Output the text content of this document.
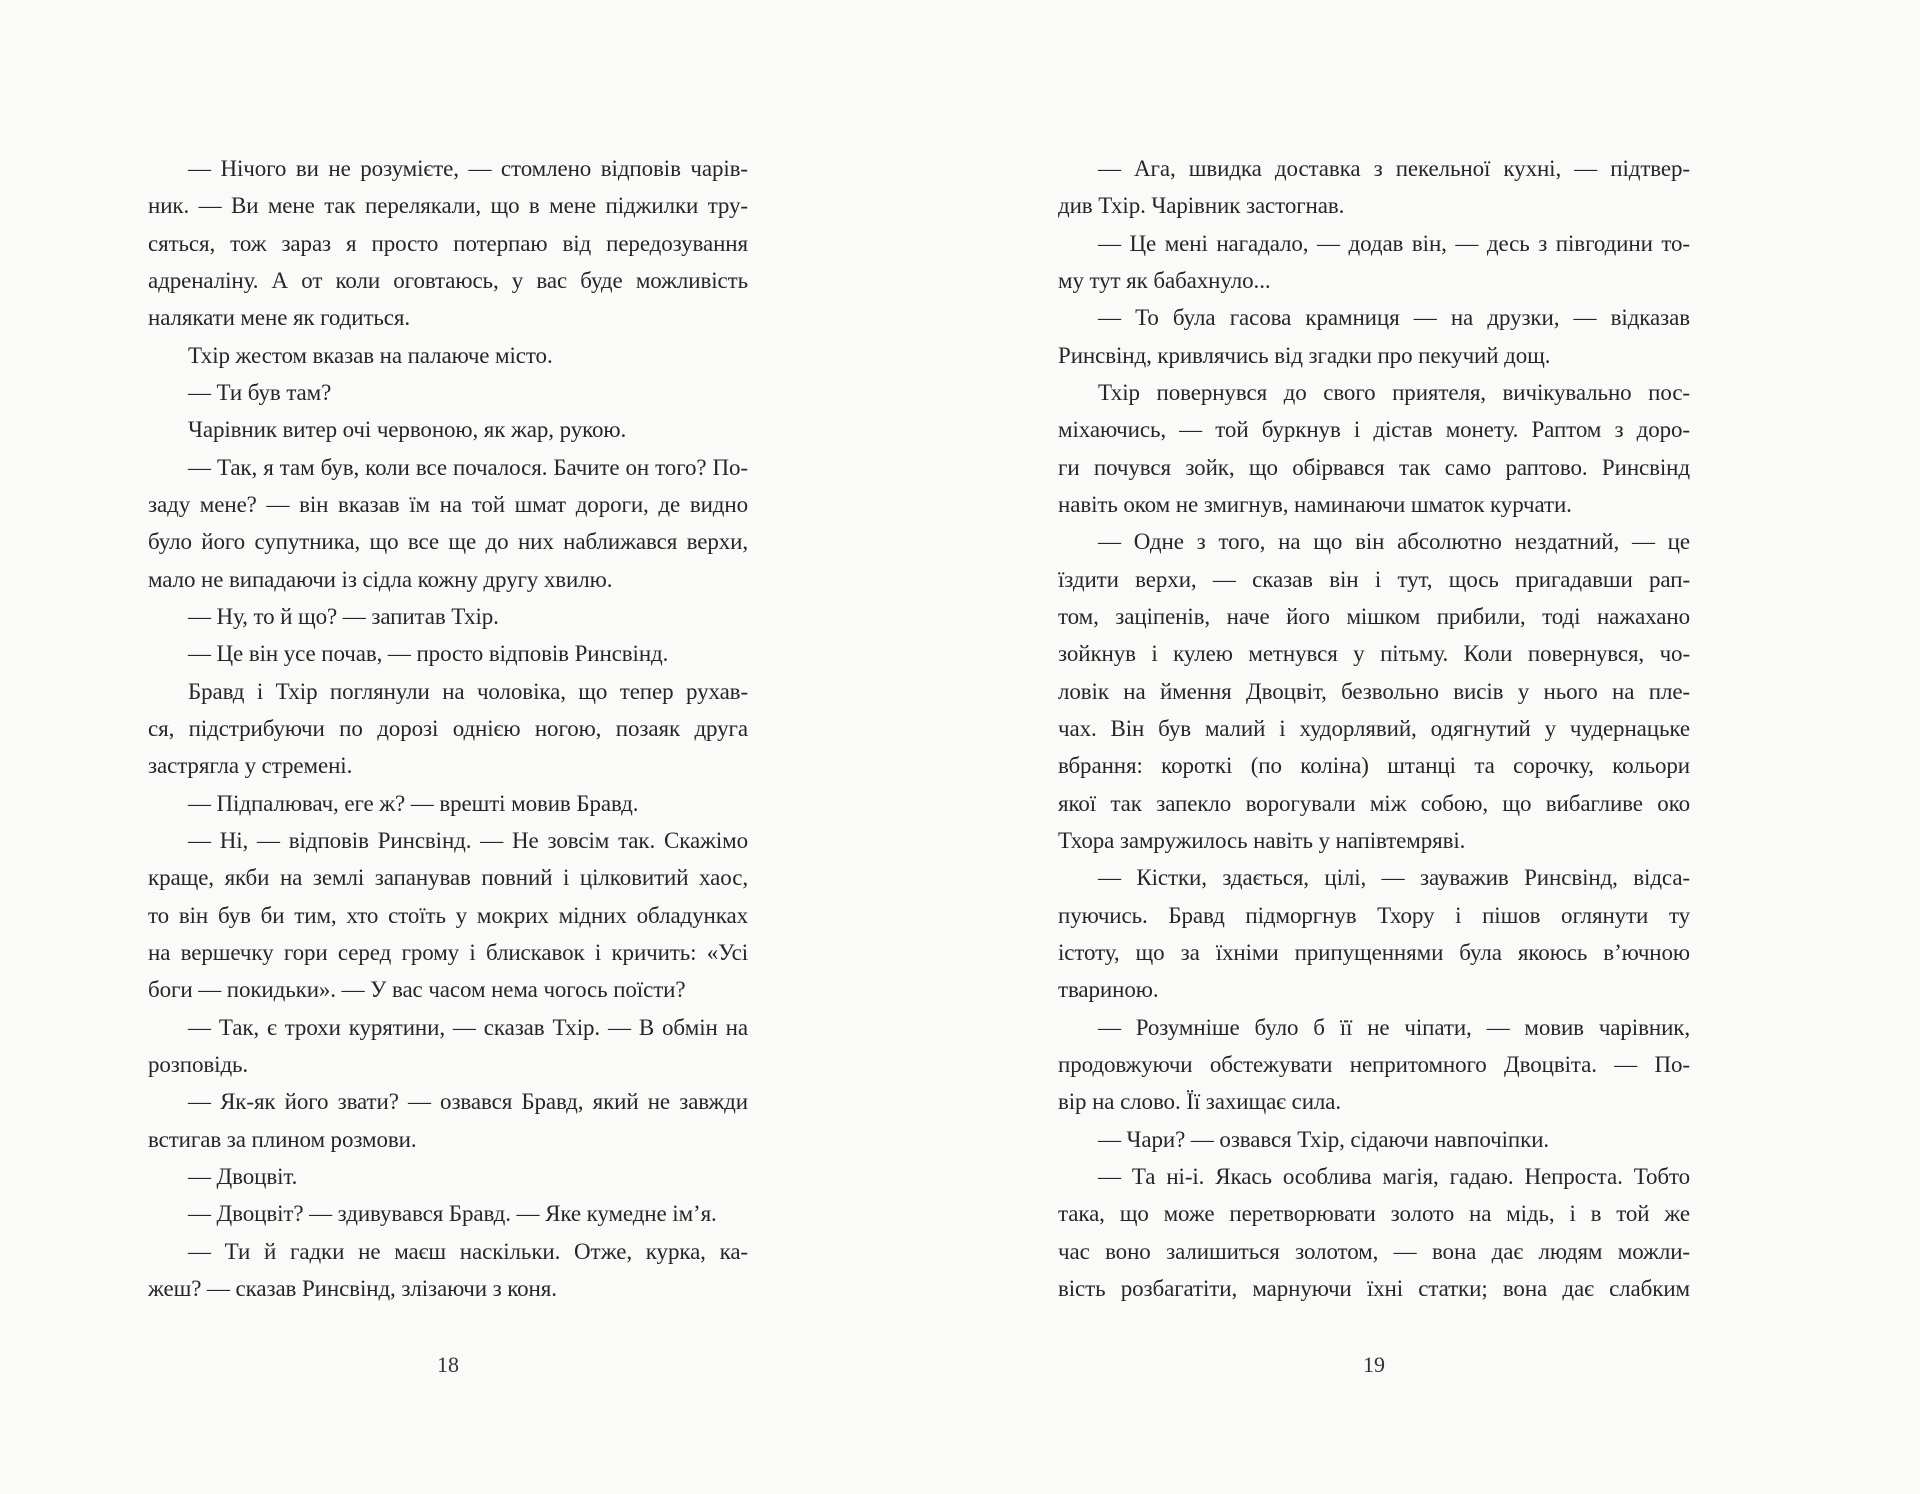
— Нічого ви не розумієте, — стомлено відповів чарів-
ник. — Ви мене так перелякали, що в мене піджилки тру-
сяться, тож зараз я просто потерпаю від передозування
адреналіну. А от коли оговтаюсь, у вас буде можливість
налякати мене як годиться.
Тхір жестом вказав на палаюче місто.
— Ти був там?
Чарівник витер очі червоною, як жар, рукою.
— Так, я там був, коли все почалося. Бачите он того? По-
заду мене? — він вказав їм на той шмат дороги, де видно
було його супутника, що все ще до них наближався верхи,
мало не випадаючи із сідла кожну другу хвилю.
— Ну, то й що? — запитав Тхір.
— Це він усе почав, — просто відповів Ринсвінд.
Бравд і Тхір поглянули на чоловіка, що тепер рухав-
ся, підстрибуючи по дорозі однією ногою, позаяк друга
застрягла у стремені.
— Підпалювач, еге ж? — врешті мовив Бравд.
— Ні, — відповів Ринсвінд. — Не зовсім так. Скажімо
краще, якби на землі запанував повний і цілковитий хаос,
то він був би тим, хто стоїть у мокрих мідних обладунках
на вершечку гори серед грому і блискавок і кричить: «Усі
боги — покидьки». — У вас часом нема чогось поїсти?
— Так, є трохи курятини, — сказав Тхір. — В обмін на
розповідь.
— Як-як його звати? — озвався Бравд, який не завжди
встигав за плином розмови.
— Двоцвіт.
— Двоцвіт? — здивувався Бравд. — Яке кумедне ім’я.
— Ти й гадки не маєш наскільки. Отже, курка, ка-
жеш? — сказав Ринсвінд, злізаючи з коня.
18
— Ага, швидка доставка з пекельної кухні, — підтвер-
див Тхір. Чарівник застогнав.
— Це мені нагадало, — додав він, — десь з півгодини то-
му тут як бабахнуло...
— То була гасова крамниця — на друзки, — відказав
Ринсвінд, кривлячись від згадки про пекучий дощ.
Тхір повернувся до свого приятеля, вичікувально пос-
міхаючись, — той буркнув і дістав монету. Раптом з доро-
ги почувся зойк, що обірвався так само раптово. Ринсвінд
навіть оком не змигнув, наминаючи шматок курчати.
— Одне з того, на що він абсолютно нездатний, — це
їздити верхи, — сказав він і тут, щось пригадавши рап-
том, заціпенів, наче його мішком прибили, тоді нажахано
зойкнув і кулею метнувся у пітьму. Коли повернувся, чо-
ловік на ймення Двоцвіт, безвольно висів у нього на пле-
чах. Він був малий і худорлявий, одягнутий у чудернацьке
вбрання: короткі (по коліна) штанці та сорочку, кольори
якої так запекло ворогували між собою, що вибагливе око
Тхора замружилось навіть у напівтемряві.
— Кістки, здається, цілі, — зауважив Ринсвінд, відса-
пуючись. Бравд підморгнув Тхору і пішов оглянути ту
істоту, що за їхніми припущеннями була якоюсь в’ючною
твариною.
— Розумніше було б її не чіпати, — мовив чарівник,
продовжуючи обстежувати непритомного Двоцвіта. — По-
вір на слово. Її захищає сила.
— Чари? — озвався Тхір, сідаючи навпочіпки.
— Та ні-і. Якась особлива магія, гадаю. Непроста. Тобто
така, що може перетворювати золото на мідь, і в той же
час воно залишиться золотом, — вона дає людям можли-
вість розбагатіти, марнуючи їхні статки; вона дає слабким
19
